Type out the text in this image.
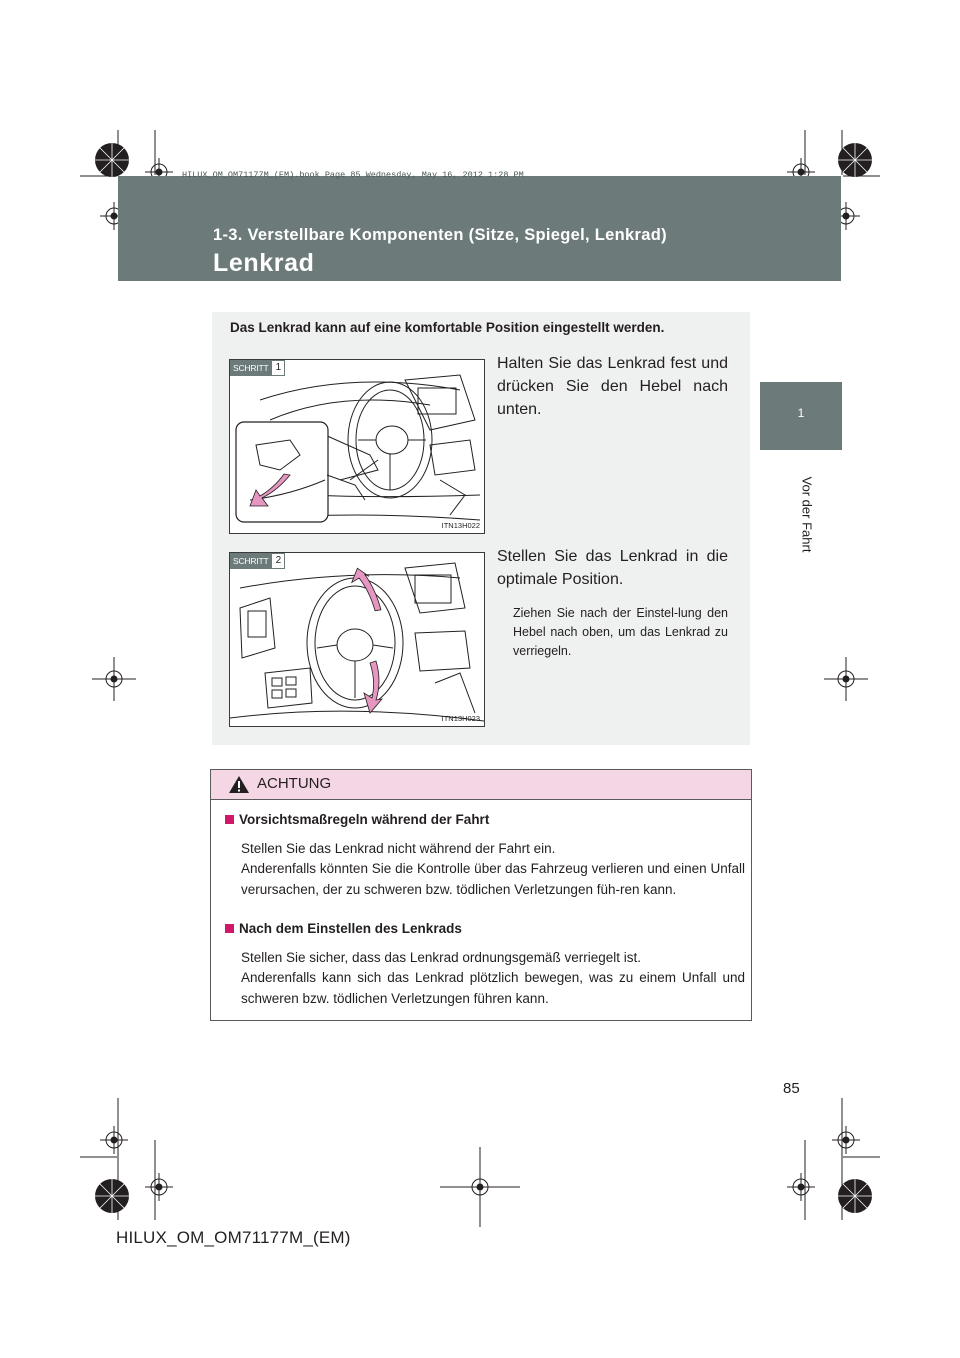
HILUX_OM_OM71177M_(EM).book Page 85 Wednesday, May 16, 2012 1:28 PM
1-3. Verstellbare Komponenten (Sitze, Spiegel, Lenkrad)
Lenkrad
1
Vor der Fahrt
Das Lenkrad kann auf eine komfortable Position eingestellt werden.
SCHRITT 1
ITN13H022
Halten Sie das Lenkrad fest und drücken Sie den Hebel nach unten.
SCHRITT 2
ITN13H023
Stellen Sie das Lenkrad in die optimale Position.
Ziehen Sie nach der Einstel-lung den Hebel nach oben, um das Lenkrad zu verriegeln.
ACHTUNG
Vorsichtsmaßregeln während der Fahrt
Stellen Sie das Lenkrad nicht während der Fahrt ein.
Anderenfalls könnten Sie die Kontrolle über das Fahrzeug verlieren und einen Unfall verursachen, der zu schweren bzw. tödlichen Verletzungen füh-ren kann.
Nach dem Einstellen des Lenkrads
Stellen Sie sicher, dass das Lenkrad ordnungsgemäß verriegelt ist.
Anderenfalls kann sich das Lenkrad plötzlich bewegen, was zu einem Unfall und schweren bzw. tödlichen Verletzungen führen kann.
85
HILUX_OM_OM71177M_(EM)
